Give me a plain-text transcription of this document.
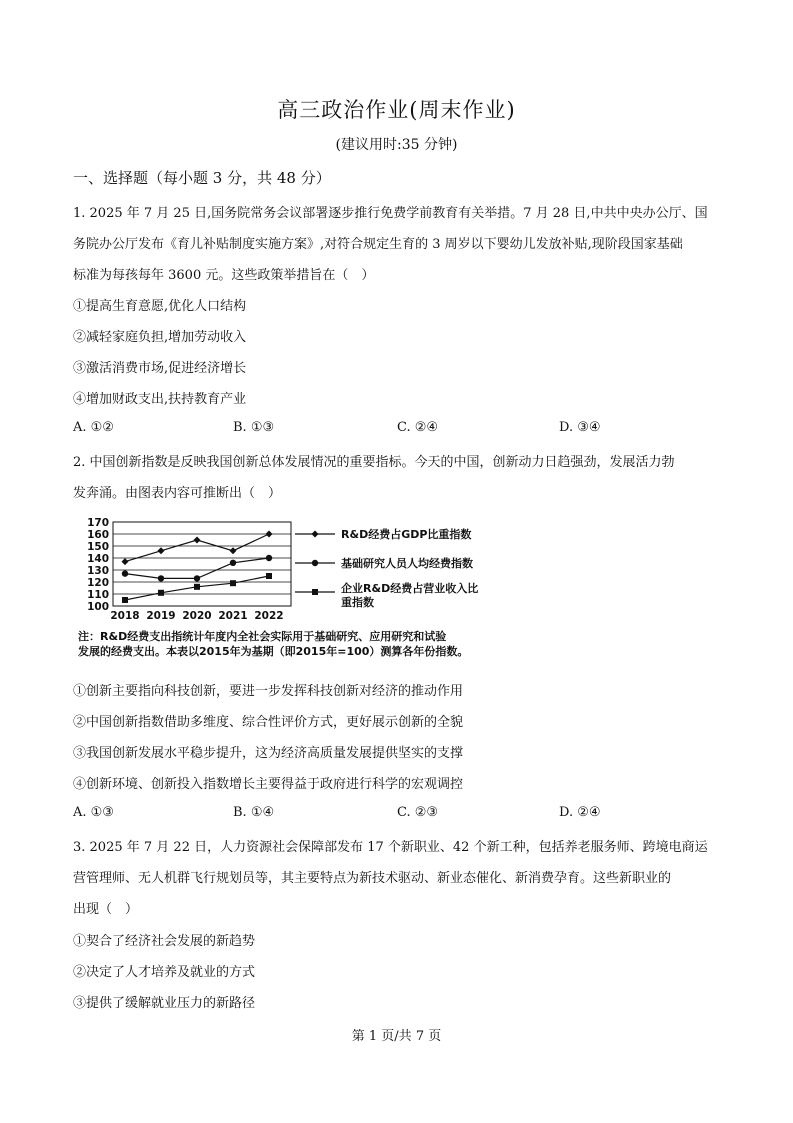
高三政治作业(周末作业)
(建议用时:35 分钟)
一、选择题（每小题 3 分，共 48 分）
1. 2025 年 7 月 25 日,国务院常务会议部署逐步推行免费学前教育有关举措。7 月 28 日,中共中央办公厅、国
务院办公厅发布《育儿补贴制度实施方案》,对符合规定生育的 3 周岁以下婴幼儿发放补贴,现阶段国家基础
标准为每孩每年 3600 元。这些政策举措旨在（　）
①提高生育意愿,优化人口结构
②减轻家庭负担,增加劳动收入
③激活消费市场,促进经济增长
④增加财政支出,扶持教育产业
A. ①②	B. ①③	C. ②④	D. ③④
2. 中国创新指数是反映我国创新总体发展情况的重要指标。今天的中国，创新动力日趋强劲，发展活力勃
发奔涌。由图表内容可推断出（　）
100
110
120
130
140
150
160
170
2018 2019 2020 2021 2022
R&D经费占GDP比重指数
基础研究人员人均经费指数
企业R&D经费占营业收入比
重指数
注：R&D经费支出指统计年度内全社会实际用于基础研究、应用研究和试验
发展的经费支出。本表以2015年为基期（即2015年=100）测算各年份指数。
①创新主要指向科技创新，要进一步发挥科技创新对经济的推动作用
②中国创新指数借助多维度、综合性评价方式，更好展示创新的全貌
③我国创新发展水平稳步提升，这为经济高质量发展提供坚实的支撑
④创新环境、创新投入指数增长主要得益于政府进行科学的宏观调控
A. ①③	B. ①④	C. ②③	D. ②④
3. 2025 年 7 月 22 日，人力资源社会保障部发布 17 个新职业、42 个新工种，包括养老服务师、跨境电商运
营管理师、无人机群飞行规划员等，其主要特点为新技术驱动、新业态催化、新消费孕育。这些新职业的
出现（　）
①契合了经济社会发展的新趋势
②决定了人才培养及就业的方式
③提供了缓解就业压力的新路径
第 1 页/共 7 页
